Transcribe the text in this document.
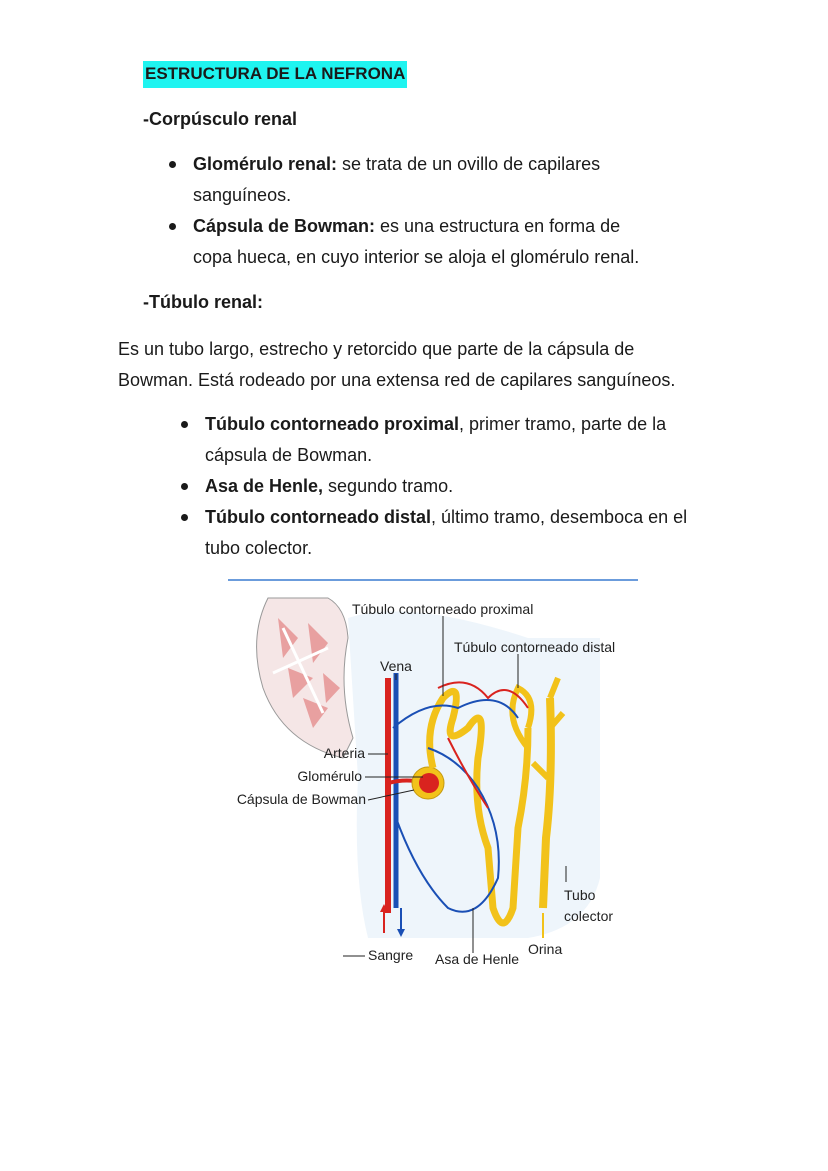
ESTRUCTURA DE LA NEFRONA
-Corpúsculo renal
Glomérulo renal: se trata de un ovillo de capilares
sanguíneos.
Cápsula de Bowman: es una estructura en forma de
copa hueca, en cuyo interior se aloja el glomérulo renal.
-Túbulo renal:
Es un tubo largo, estrecho y retorcido que parte de la cápsula de
Bowman. Está rodeado por una extensa red de capilares sanguíneos.
Túbulo contorneado proximal, primer tramo, parte de la
cápsula de Bowman.
Asa de Henle, segundo tramo.
Túbulo contorneado distal, último tramo, desemboca en el
tubo colector.
Túbulo contorneado proximal
Túbulo contorneado distal
Vena
Arteria
Glomérulo
Cápsula de Bowman
Tubo
colector
Sangre Asa de Henle
Orina
